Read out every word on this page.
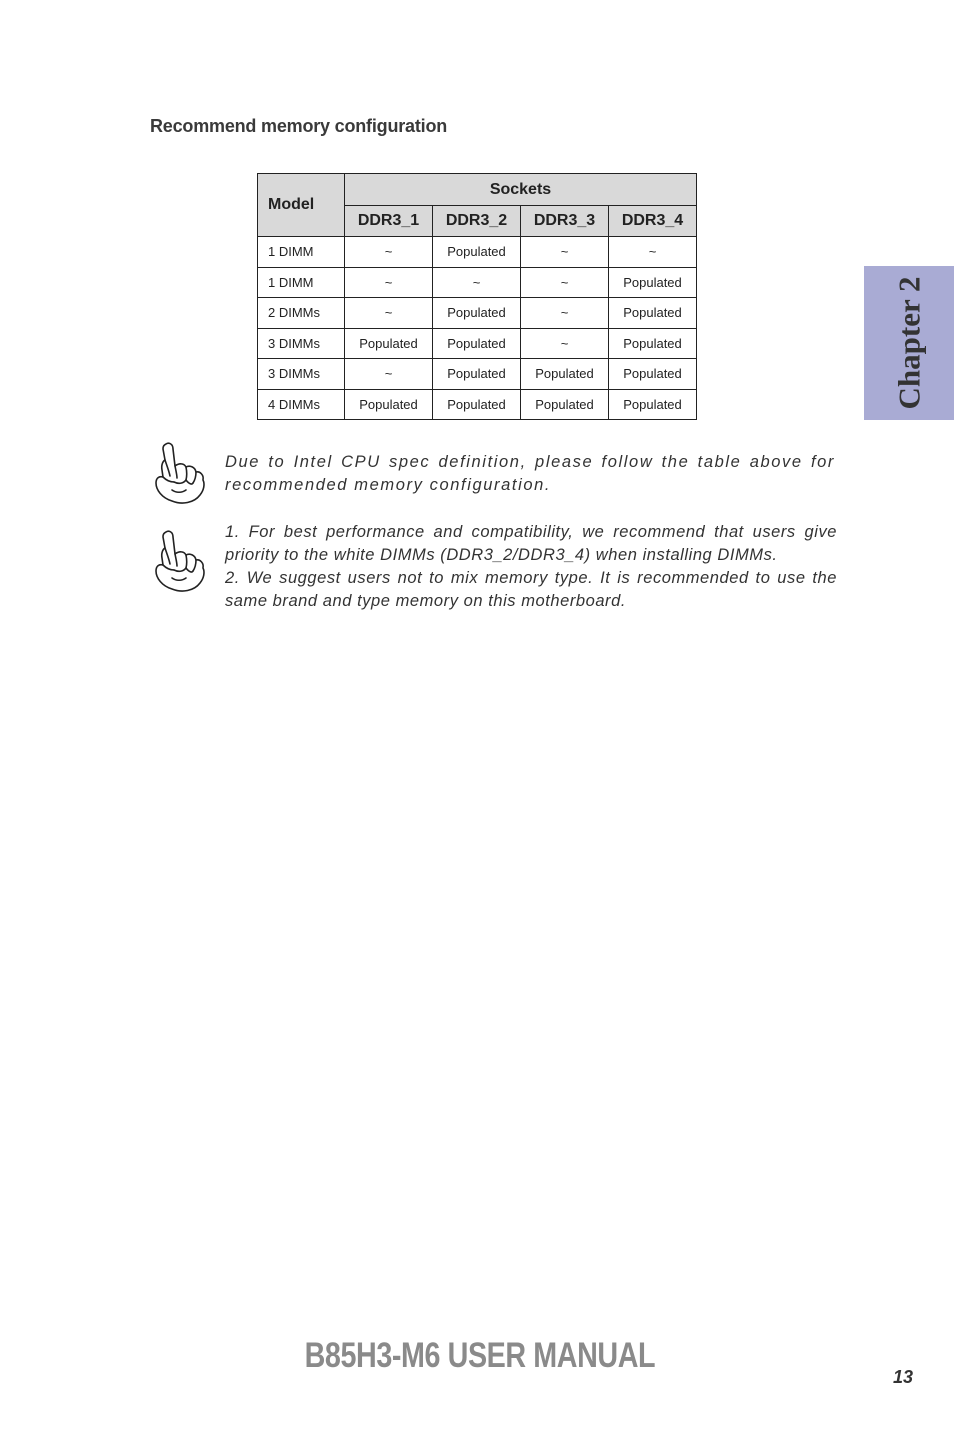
Recommend memory configuration
Model	Sockets			
	DDR3_1	DDR3_2	DDR3_3	DDR3_4
1 DIMM	~	Populated	~	~
1 DIMM	~	~	~	Populated
2 DIMMs	~	Populated	~	Populated
3 DIMMs	Populated	Populated	~	Populated
3 DIMMs	~	Populated	Populated	Populated
4 DIMMs	Populated	Populated	Populated	Populated

Due to Intel CPU spec definition, please follow the table above for recommended memory configuration.

1. For best performance and compatibility, we recommend that users give priority to the white DIMMs (DDR3_2/DDR3_4) when installing DIMMs.

2. We suggest users not to mix memory type. It is recommended to use the same brand and type memory on this motherboard.

Chapter 2
B85H3-M6 USER MANUAL
13
